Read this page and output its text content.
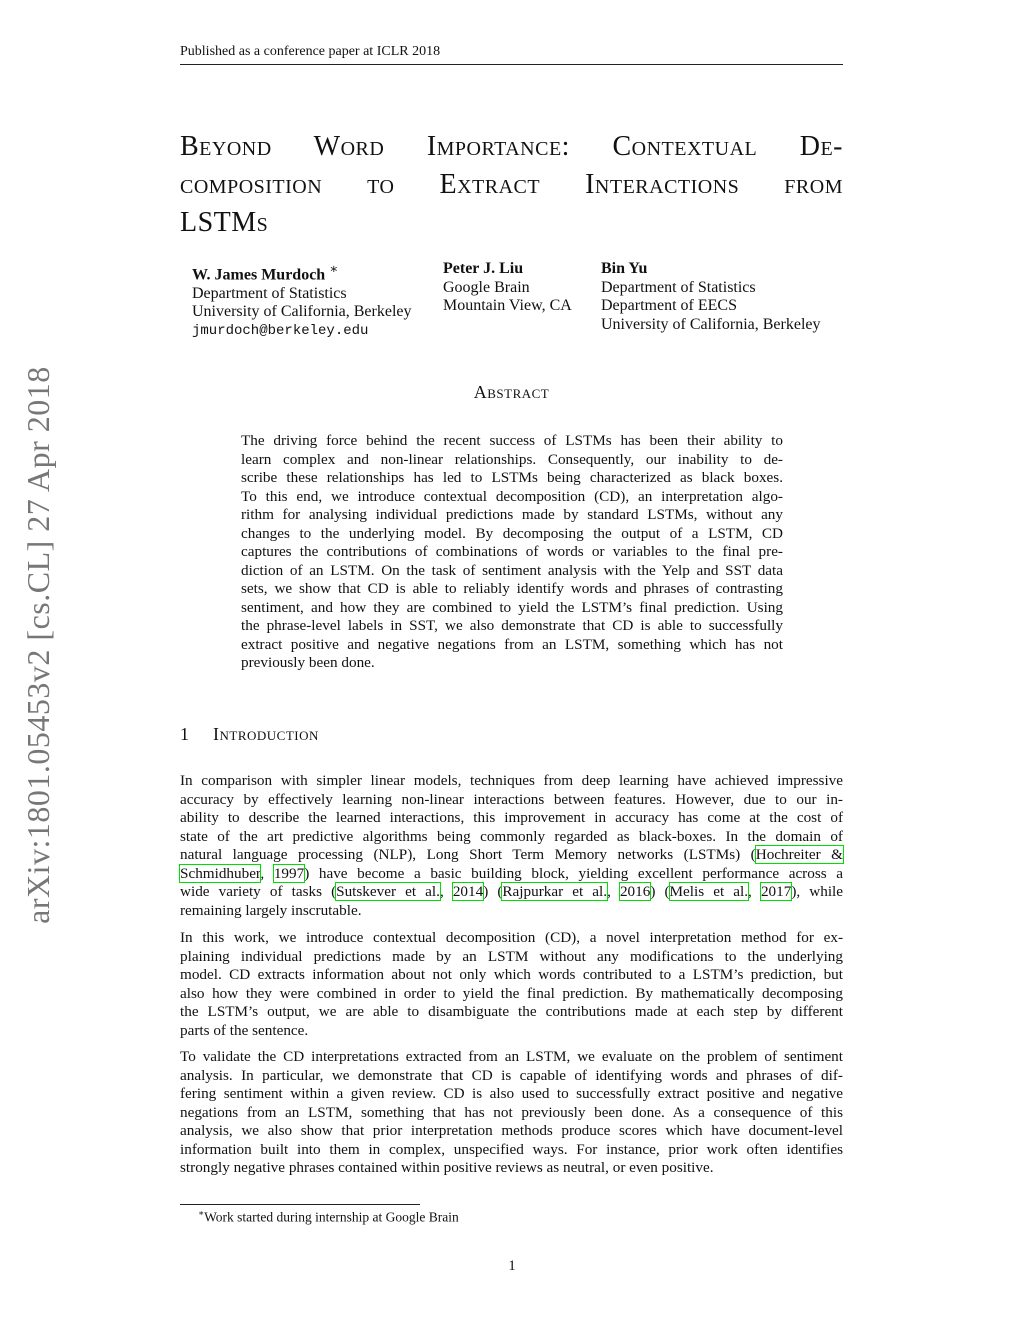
Published as a conference paper at ICLR 2018
arXiv:1801.05453v2 [cs.CL] 27 Apr 2018
Beyond Word Importance: Contextual De-
composition to Extract Interactions from
LSTMs
W. James Murdoch ∗
Department of Statistics
University of California, Berkeley
jmurdoch@berkeley.edu
Peter J. Liu
Google Brain
Mountain View, CA
Bin Yu
Department of Statistics
Department of EECS
University of California, Berkeley
Abstract
The driving force behind the recent success of LSTMs has been their ability to
learn complex and non-linear relationships. Consequently, our inability to de-
scribe these relationships has led to LSTMs being characterized as black boxes.
To this end, we introduce contextual decomposition (CD), an interpretation algo-
rithm for analysing individual predictions made by standard LSTMs, without any
changes to the underlying model. By decomposing the output of a LSTM, CD
captures the contributions of combinations of words or variables to the final pre-
diction of an LSTM. On the task of sentiment analysis with the Yelp and SST data
sets, we show that CD is able to reliably identify words and phrases of contrasting
sentiment, and how they are combined to yield the LSTM’s final prediction. Using
the phrase-level labels in SST, we also demonstrate that CD is able to successfully
extract positive and negative negations from an LSTM, something which has not
previously been done.
1 Introduction
In comparison with simpler linear models, techniques from deep learning have achieved impressive
accuracy by effectively learning non-linear interactions between features. However, due to our in-
ability to describe the learned interactions, this improvement in accuracy has come at the cost of
state of the art predictive algorithms being commonly regarded as black-boxes. In the domain of
natural language processing (NLP), Long Short Term Memory networks (LSTMs) (Hochreiter &
Schmidhuber, 1997) have become a basic building block, yielding excellent performance across a
wide variety of tasks (Sutskever et al., 2014) (Rajpurkar et al., 2016) (Melis et al., 2017), while
remaining largely inscrutable.
In this work, we introduce contextual decomposition (CD), a novel interpretation method for ex-
plaining individual predictions made by an LSTM without any modifications to the underlying
model. CD extracts information about not only which words contributed to a LSTM’s prediction, but
also how they were combined in order to yield the final prediction. By mathematically decomposing
the LSTM’s output, we are able to disambiguate the contributions made at each step by different
parts of the sentence.
To validate the CD interpretations extracted from an LSTM, we evaluate on the problem of sentiment
analysis. In particular, we demonstrate that CD is capable of identifying words and phrases of dif-
fering sentiment within a given review. CD is also used to successfully extract positive and negative
negations from an LSTM, something that has not previously been done. As a consequence of this
analysis, we also show that prior interpretation methods produce scores which have document-level
information built into them in complex, unspecified ways. For instance, prior work often identifies
strongly negative phrases contained within positive reviews as neutral, or even positive.
∗Work started during internship at Google Brain
1
